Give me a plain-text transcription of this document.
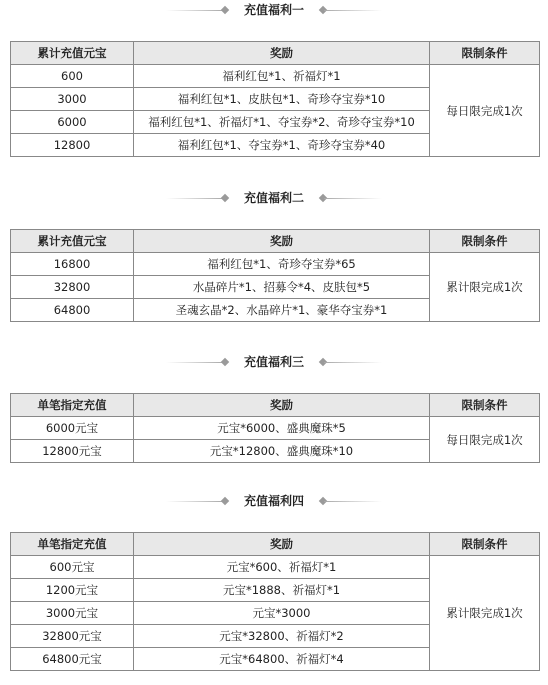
充值福利一
累计充值元宝	奖励	限制条件
600	福利红包*1、祈福灯*1	每日限完成1次
3000	福利红包*1、皮肤包*1、奇珍夺宝券*10	
6000	福利红包*1、祈福灯*1、夺宝券*2、奇珍夺宝券*10	
12800	福利红包*1、夺宝券*1、奇珍夺宝券*40	
充值福利二
累计充值元宝	奖励	限制条件
16800	福利红包*1、奇珍夺宝券*65	累计限完成1次
32800	水晶碎片*1、招募令*4、皮肤包*5	
64800	圣魂玄晶*2、水晶碎片*1、豪华夺宝券*1	
充值福利三
单笔指定充值	奖励	限制条件
6000元宝	元宝*6000、盛典魔珠*5	每日限完成1次
12800元宝	元宝*12800、盛典魔珠*10	
充值福利四
单笔指定充值	奖励	限制条件
600元宝	元宝*600、祈福灯*1	累计限完成1次
1200元宝	元宝*1888、祈福灯*1	
3000元宝	元宝*3000	
32800元宝	元宝*32800、祈福灯*2	
64800元宝	元宝*64800、祈福灯*4	
